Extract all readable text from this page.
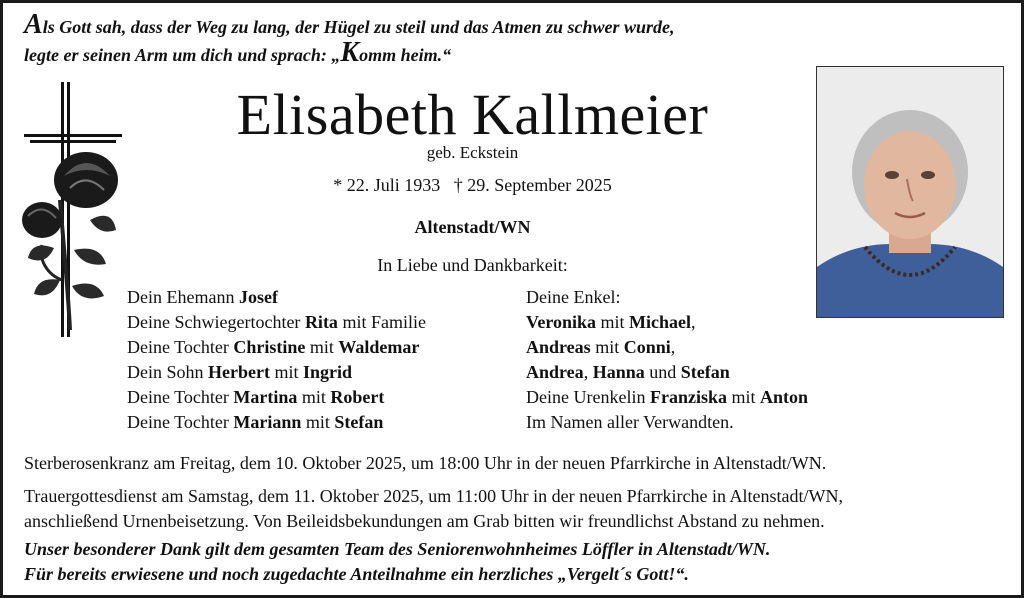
Als Gott sah, dass der Weg zu lang, der Hügel zu steil und das Atmen zu schwer wurde,
legte er seinen Arm um dich und sprach: „Komm heim.“
Elisabeth Kallmeier
geb. Eckstein
* 22. Juli 1933   † 29. September 2025
Altenstadt/WN
In Liebe und Dankbarkeit:
Dein Ehemann Josef
Deine Schwiegertochter Rita mit Familie
Deine Tochter Christine mit Waldemar
Dein Sohn Herbert mit Ingrid
Deine Tochter Martina mit Robert
Deine Tochter Mariann mit Stefan
Deine Enkel:
Veronika mit Michael,
Andreas mit Conni,
Andrea, Hanna und Stefan
Deine Urenkelin Franziska mit Anton
Im Namen aller Verwandten.
Sterberosenkranz am Freitag, dem 10. Oktober 2025, um 18:00 Uhr in der neuen Pfarrkirche in Altenstadt/WN.
Trauergottesdienst am Samstag, dem 11. Oktober 2025, um 11:00 Uhr in der neuen Pfarrkirche in Altenstadt/WN,
anschließend Urnenbeisetzung. Von Beileidsbekundungen am Grab bitten wir freundlichst Abstand zu nehmen.
Unser besonderer Dank gilt dem gesamten Team des Seniorenwohnheimes Löffler in Altenstadt/WN.
Für bereits erwiesene und noch zugedachte Anteilnahme ein herzliches „Vergelt´s Gott!“.
